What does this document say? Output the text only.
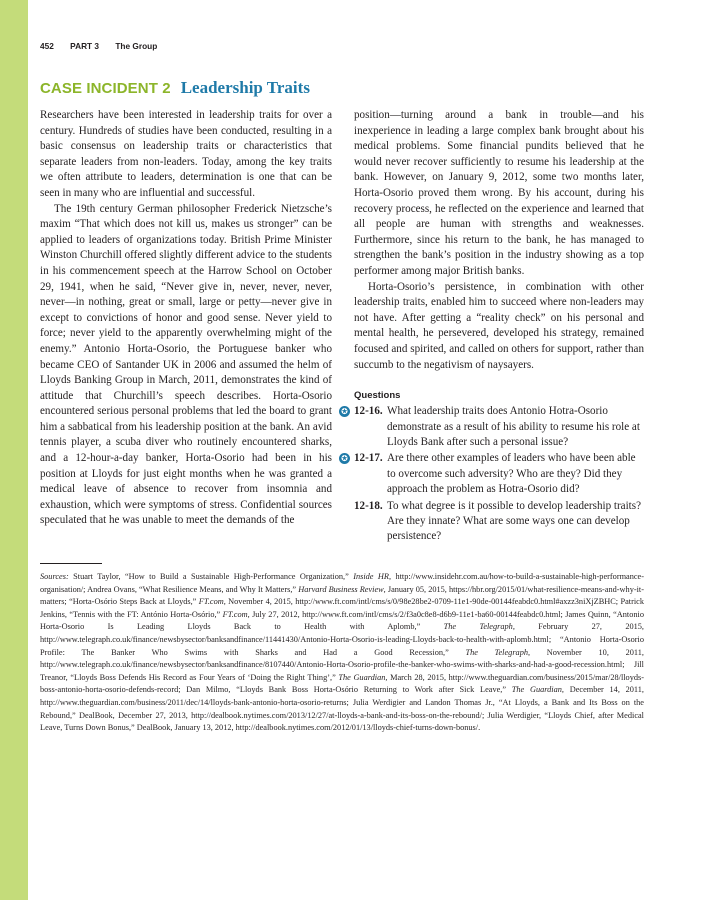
452 PART 3 The Group
CASE INCIDENT 2 Leadership Traits

Researchers have been interested in leadership traits for over a century. Hundreds of studies have been conducted, resulting in a basic consensus on leadership traits or characteristics that separate leaders from non-leaders. Today, among the key traits we often attribute to leaders, determination is one that can be seen in many who are influential and successful.

The 19th century German philosopher Frederick Nietzsche’s maxim “That which does not kill us, makes us stronger” can be applied to leaders of organizations today. British Prime Minister Winston Churchill offered slightly different advice to the students in his commencement speech at the Harrow School on October 29, 1941, when he said, “Never give in, never, never, never, never—in nothing, great or small, large or petty—never give in except to convictions of honor and good sense. Never yield to force; never yield to the apparently overwhelming might of the enemy.” Antonio Horta-Osorio, the Portuguese banker who became CEO of Santander UK in 2006 and assumed the helm of Lloyds Banking Group in March, 2011, demonstrates the kind of attitude that Churchill’s speech describes. Horta-Osorio encountered serious personal problems that led the board to grant him a sabbatical from his leadership position at the bank. An avid tennis player, a scuba diver who routinely encountered sharks, and a 12-hour-a-day banker, Horta-Osorio had been in his position at Lloyds for just eight months when he was granted a medical leave of absence to recover from insomnia and exhaustion, which were symptoms of stress. Confidential sources speculated that he was unable to meet the demands of the

position—turning around a bank in trouble—and his inexperience in leading a large complex bank brought about his medical problems. Some financial pundits believed that he would never recover sufficiently to resume his leadership at the bank. However, on January 9, 2012, some two months later, Horta-Osorio proved them wrong. By his account, during his recovery process, he reflected on the experience and learned that all people are human with strengths and weaknesses. Furthermore, since his return to the bank, he has managed to strengthen the bank’s position in the industry showing as a top performer among major British banks.

Horta-Osorio’s persistence, in combination with other leadership traits, enabled him to succeed where non-leaders may not have. After getting a “reality check” on his personal and mental health, he persevered, developed his strategy, remained focused and spirited, and called on others for support, rather than succumb to the negativism of naysayers.

Questions
✪ 12-16. What leadership traits does Antonio Hotra-Osorio demonstrate as a result of his ability to resume his role at Lloyds Bank after such a personal issue?
✪ 12-17. Are there other examples of leaders who have been able to overcome such adversity? Who are they? Did they approach the problem as Hotra-Osorio did?
12-18. To what degree is it possible to develop leadership traits? Are they innate? What are some ways one can develop persistence?
Sources: Stuart Taylor, “How to Build a Sustainable High-Performance Organization,” Inside HR, http://www.insidehr.com.au/how-to-build-a-sustainable-high-performance-organisation/; Andrea Ovans, “What Resilience Means, and Why It Matters,” Harvard Business Review, January 05, 2015, https://hbr.org/2015/01/what-resilience-means-and-why-it-matters; “Horta-Osório Steps Back at Lloyds,” FT.com, November 4, 2015, http://www.ft.com/intl/cms/s/0/98e28be2-0709-11e1-90de-00144feabdc0.html#axzz3niXjZBHC; Patrick Jenkins, “Tennis with the FT: António Horta-Osório,” FT.com, July 27, 2012, http://www.ft.com/intl/cms/s/2/f3a0c8e8-d6b9-11e1-ba60-00144feabdc0.html; James Quinn, “Antonio Horta-Osorio Is Leading Lloyds Back to Health with Aplomb,” The Telegraph, February 27, 2015, http://www.telegraph.co.uk/finance/newsbysector/banksandfinance/11441430/Antonio-Horta-Osorio-is-leading-Lloyds-back-to-health-with-aplomb.html; “Antonio Horta-Osorio Profile: The Banker Who Swims with Sharks and Had a Good Recession,” The Telegraph, November 10, 2011, http://www.telegraph.co.uk/finance/newsbysector/banksandfinance/8107440/Antonio-Horta-Osorio-profile-the-banker-who-swims-with-sharks-and-had-a-good-recession.html; Jill Treanor, “Lloyds Boss Defends His Record as Four Years of ‘Doing the Right Thing’,” The Guardian, March 28, 2015, http://www.theguardian.com/business/2015/mar/28/lloyds-boss-antonio-horta-osorio-defends-record; Dan Milmo, “Lloyds Bank Boss Horta-Osório Returning to Work after Sick Leave,” The Guardian, December 14, 2011, http://www.theguardian.com/business/2011/dec/14/lloyds-bank-antonio-horta-osorio-returns; Julia Werdigier and Landon Thomas Jr., “At Lloyds, a Bank and Its Boss on the Rebound,” DealBook, December 27, 2013, http://dealbook.nytimes.com/2013/12/27/at-lloyds-a-bank-and-its-boss-on-the-rebound/; Julia Werdigier, “Lloyds Chief, after Medical Leave, Turns Down Bonus,” DealBook, January 13, 2012, http://dealbook.nytimes.com/2012/01/13/lloyds-chief-turns-down-bonus/.
